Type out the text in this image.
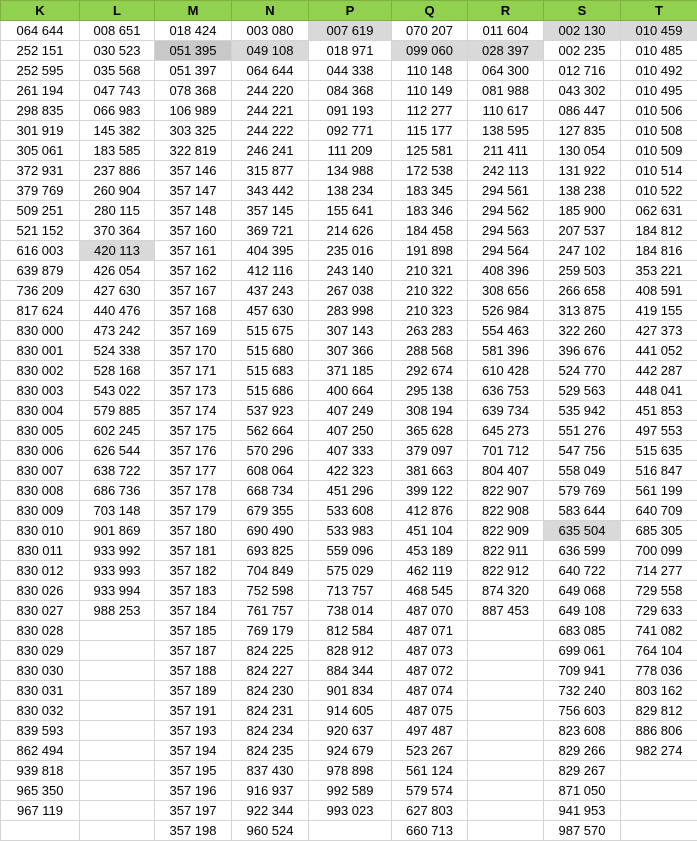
K	L	M	N	P	Q	R	S	T
064 644	008 651	018 424	003 080	007 619	070 207	011 604	002 130	010 459
252 151	030 523	051 395	049 108	018 971	099 060	028 397	002 235	010 485
252 595	035 568	051 397	064 644	044 338	110 148	064 300	012 716	010 492
261 194	047 743	078 368	244 220	084 368	110 149	081 988	043 302	010 495
298 835	066 983	106 989	244 221	091 193	112 277	110 617	086 447	010 506
301 919	145 382	303 325	244 222	092 771	115 177	138 595	127 835	010 508
305 061	183 585	322 819	246 241	111 209	125 581	211 411	130 054	010 509
372 931	237 886	357 146	315 877	134 988	172 538	242 113	131 922	010 514
379 769	260 904	357 147	343 442	138 234	183 345	294 561	138 238	010 522
509 251	280 115	357 148	357 145	155 641	183 346	294 562	185 900	062 631
521 152	370 364	357 160	369 721	214 626	184 458	294 563	207 537	184 812
616 003	420 113	357 161	404 395	235 016	191 898	294 564	247 102	184 816
639 879	426 054	357 162	412 116	243 140	210 321	408 396	259 503	353 221
736 209	427 630	357 167	437 243	267 038	210 322	308 656	266 658	408 591
817 624	440 476	357 168	457 630	283 998	210 323	526 984	313 875	419 155
830 000	473 242	357 169	515 675	307 143	263 283	554 463	322 260	427 373
830 001	524 338	357 170	515 680	307 366	288 568	581 396	396 676	441 052
830 002	528 168	357 171	515 683	371 185	292 674	610 428	524 770	442 287
830 003	543 022	357 173	515 686	400 664	295 138	636 753	529 563	448 041
830 004	579 885	357 174	537 923	407 249	308 194	639 734	535 942	451 853
830 005	602 245	357 175	562 664	407 250	365 628	645 273	551 276	497 553
830 006	626 544	357 176	570 296	407 333	379 097	701 712	547 756	515 635
830 007	638 722	357 177	608 064	422 323	381 663	804 407	558 049	516 847
830 008	686 736	357 178	668 734	451 296	399 122	822 907	579 769	561 199
830 009	703 148	357 179	679 355	533 608	412 876	822 908	583 644	640 709
830 010	901 869	357 180	690 490	533 983	451 104	822 909	635 504	685 305
830 011	933 992	357 181	693 825	559 096	453 189	822 911	636 599	700 099
830 012	933 993	357 182	704 849	575 029	462 119	822 912	640 722	714 277
830 026	933 994	357 183	752 598	713 757	468 545	874 320	649 068	729 558
830 027	988 253	357 184	761 757	738 014	487 070	887 453	649 108	729 633
830 028		357 185	769 179	812 584	487 071		683 085	741 082
830 029		357 187	824 225	828 912	487 073		699 061	764 104
830 030		357 188	824 227	884 344	487 072		709 941	778 036
830 031		357 189	824 230	901 834	487 074		732 240	803 162
830 032		357 191	824 231	914 605	487 075		756 603	829 812
839 593		357 193	824 234	920 637	497 487		823 608	886 806
862 494		357 194	824 235	924 679	523 267		829 266	982 274
939 818		357 195	837 430	978 898	561 124		829 267	
965 350		357 196	916 937	992 589	579 574		871 050	
967 119		357 197	922 344	993 023	627 803		941 953	
		357 198	960 524		660 713		987 570	
